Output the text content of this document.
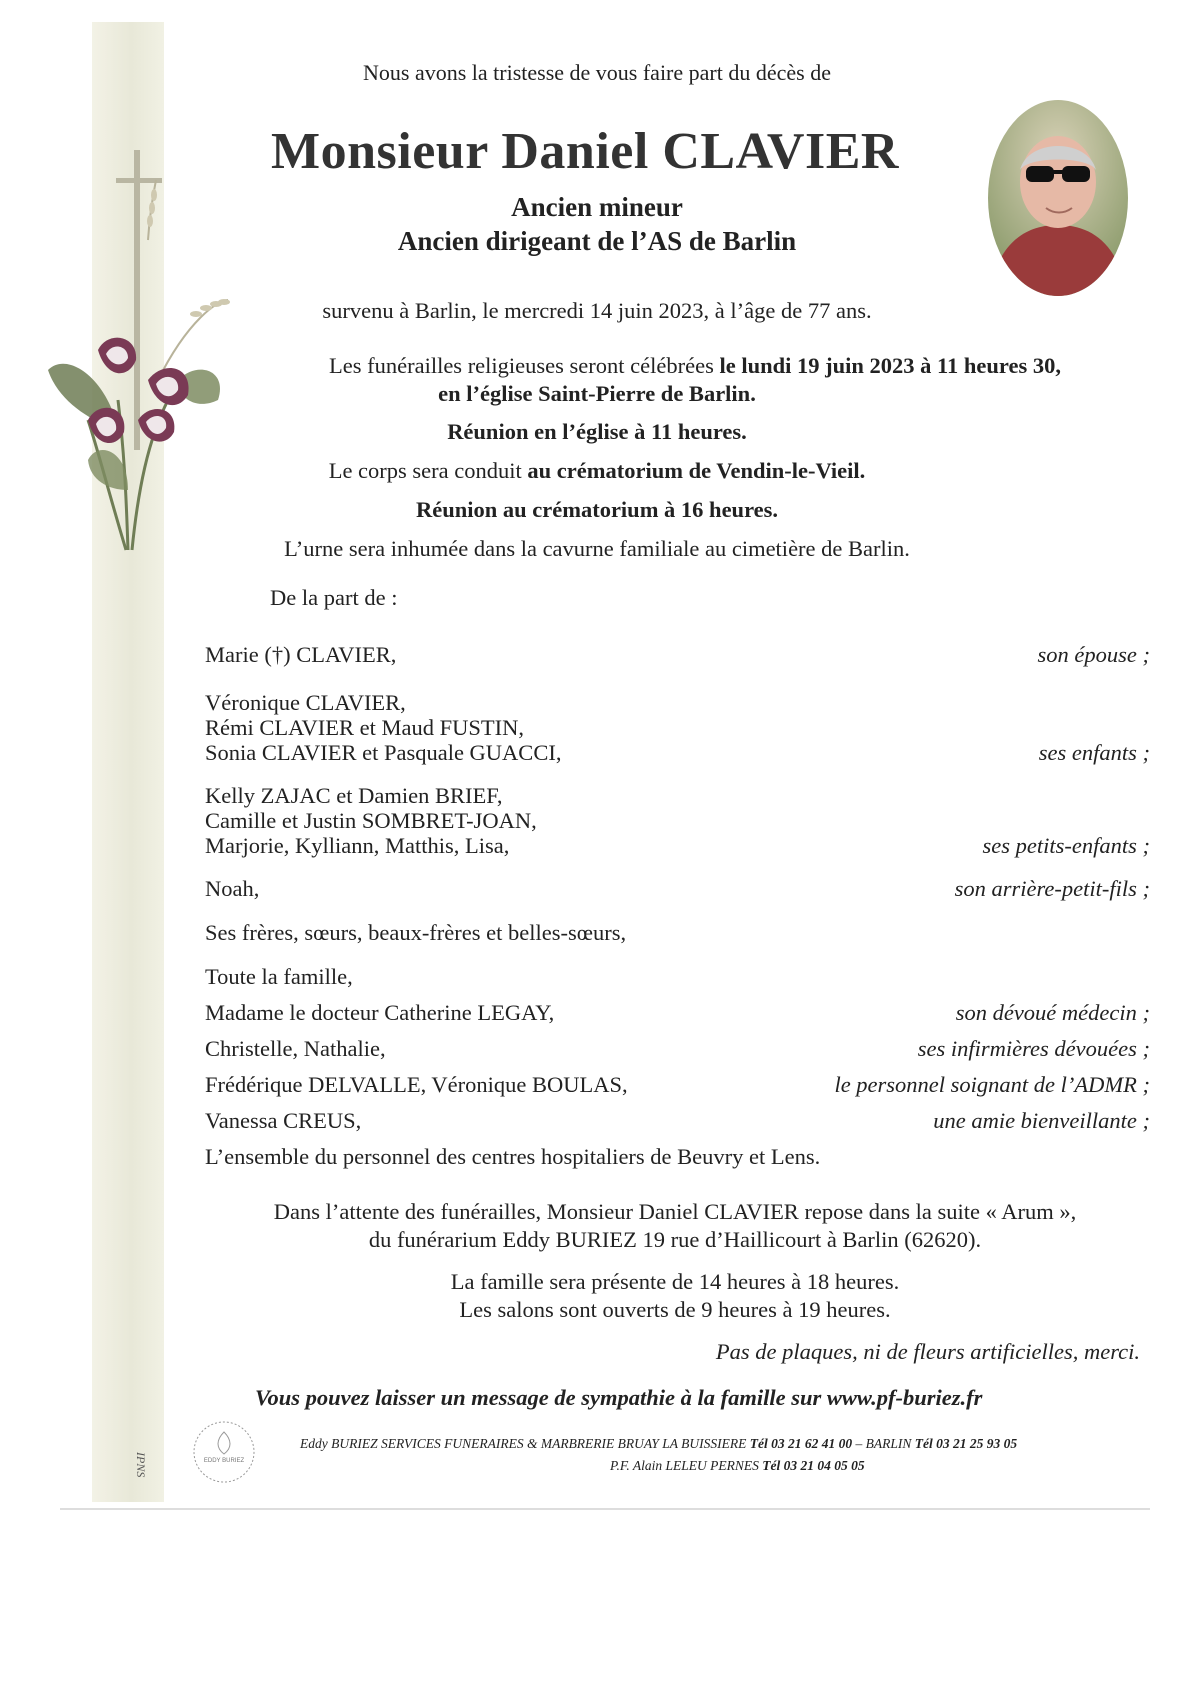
Nous avons la tristesse de vous faire part du décès de
Monsieur Daniel CLAVIER
Ancien mineur
Ancien dirigeant de l’AS de Barlin
survenu à Barlin, le mercredi 14 juin 2023, à l’âge de 77 ans.
Les funérailles religieuses seront célébrées le lundi 19 juin 2023 à 11 heures 30,
en l’église Saint-Pierre de Barlin.
Réunion en l’église à 11 heures.
Le corps sera conduit au crématorium de Vendin-le-Vieil.
Réunion au crématorium à 16 heures.
L’urne sera inhumée dans la cavurne familiale au cimetière de Barlin.
De la part de :
Marie (†) CLAVIER,	son épouse ;
Véronique CLAVIER,
Rémi CLAVIER et Maud FUSTIN,
Sonia CLAVIER et Pasquale GUACCI,	ses enfants ;
Kelly ZAJAC et Damien BRIEF,
Camille et Justin SOMBRET-JOAN,
Marjorie, Kylliann, Matthis, Lisa,	ses petits-enfants ;
Noah,	son arrière-petit-fils ;
Ses frères, sœurs, beaux-frères et belles-sœurs,
Toute la famille,
Madame le docteur Catherine LEGAY,	son dévoué médecin ;
Christelle, Nathalie,	ses infirmières dévouées ;
Frédérique DELVALLE, Véronique BOULAS,	le personnel soignant de l’ADMR ;
Vanessa CREUS,	une amie bienveillante ;
L’ensemble du personnel des centres hospitaliers de Beuvry et Lens.
Dans l’attente des funérailles, Monsieur Daniel CLAVIER repose dans la suite « Arum »,
du funérarium Eddy BURIEZ 19 rue d’Haillicourt à Barlin (62620).
La famille sera présente de 14 heures à 18 heures.
Les salons sont ouverts de 9 heures à 19 heures.
Pas de plaques, ni de fleurs artificielles, merci.
Vous pouvez laisser un message de sympathie à la famille sur www.pf-buriez.fr
EDDY BURIEZ
IPNS
Eddy BURIEZ SERVICES FUNERAIRES & MARBRERIE BRUAY LA BUISSIERE Tél 03 21 62 41 00 – BARLIN Tél 03 21 25 93 05
P.F. Alain LELEU PERNES Tél 03 21 04 05 05
